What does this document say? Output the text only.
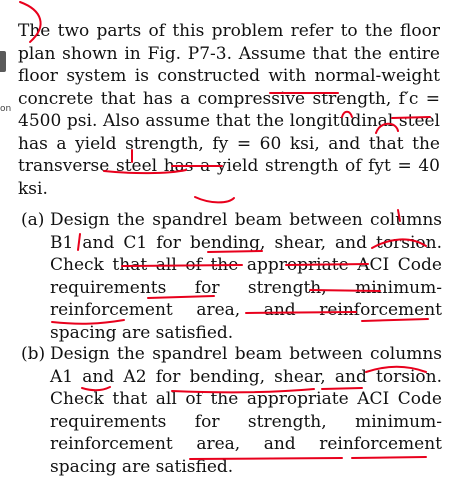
on

The two parts of this problem refer to the floor plan shown in Fig. P7-3. Assume that the entire floor system is constructed with normal-weight concrete that has a compressive strength, f′c = 4500 psi. Also assume that the longitudinal steel has a yield strength, fy = 60 ksi, and that the transverse steel has a yield strength of fyt = 40 ksi.

(a) Design the spandrel beam between columns B1 and C1 for bending, shear, and torsion. Check that all of the appropriate ACI Code requirements for strength, minimum-reinforcement area, and reinforcement spacing are satisfied.
(b) Design the spandrel beam between columns A1 and A2 for bending, shear, and torsion. Check that all of the appropriate ACI Code requirements for strength, minimum-reinforcement area, and reinforcement spacing are satisfied.
